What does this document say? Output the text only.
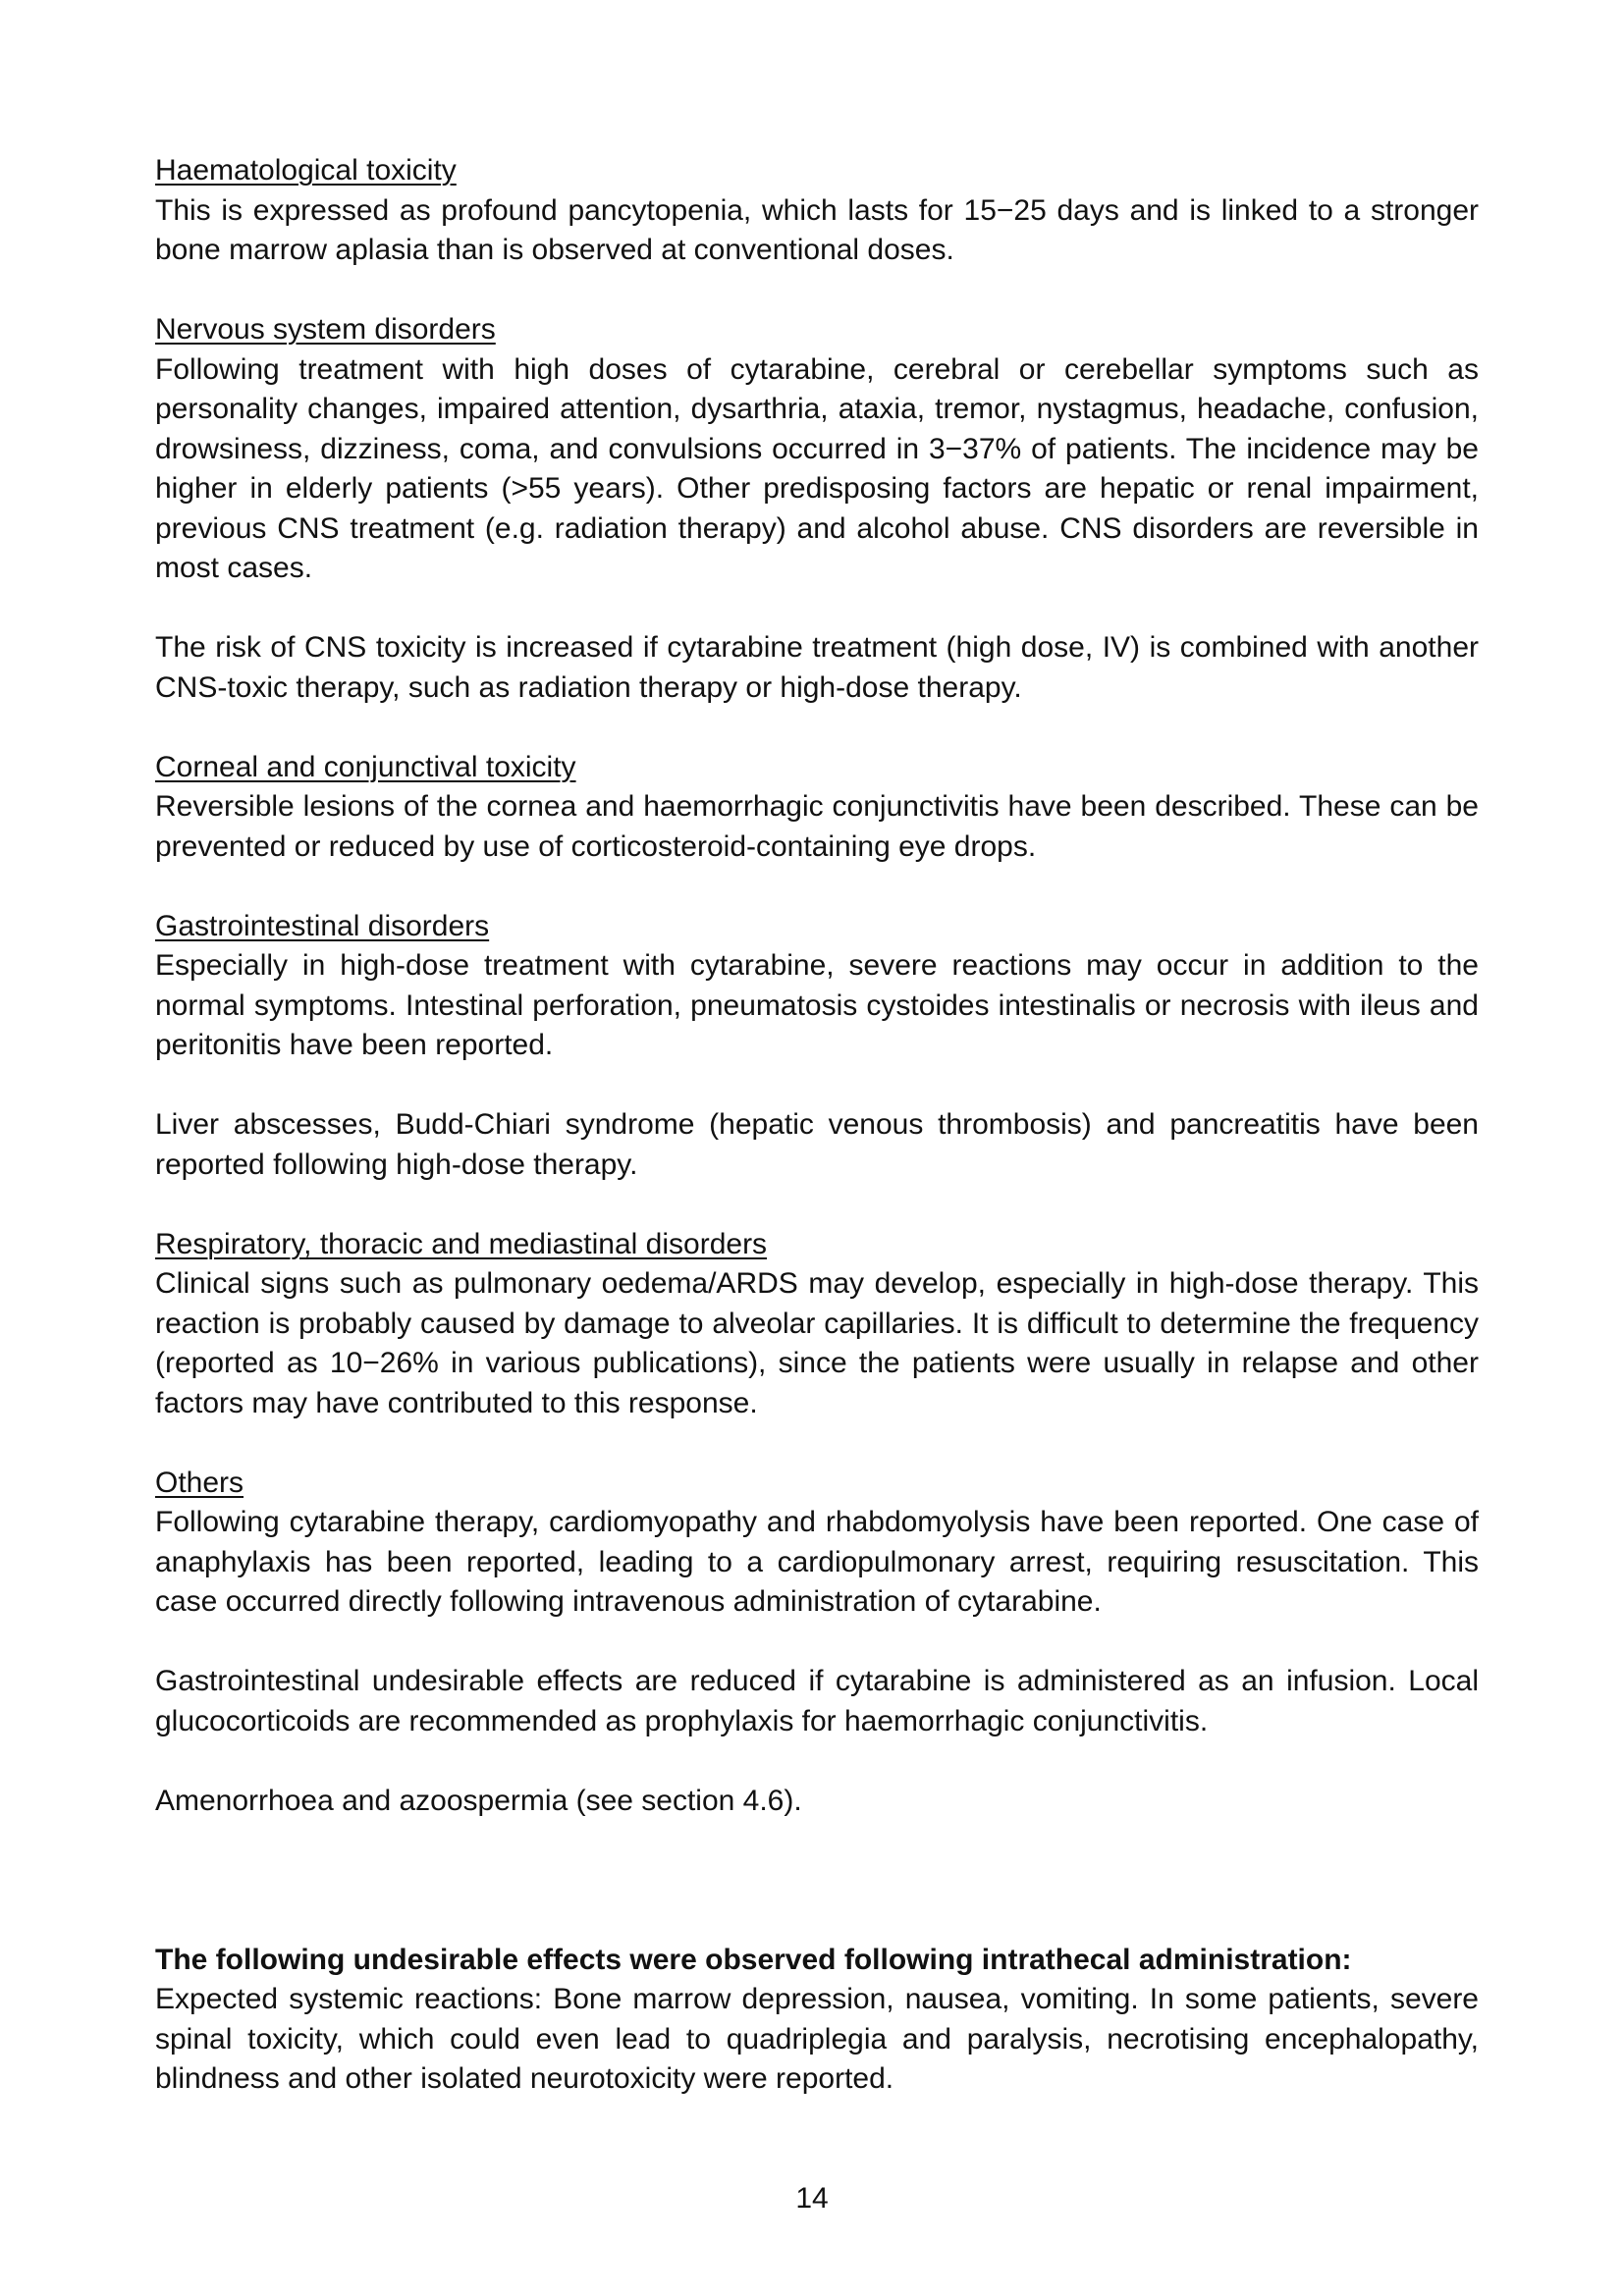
Haematological toxicity

This is expressed as profound pancytopenia, which lasts for 15−25 days and is linked to a stronger bone marrow aplasia than is observed at conventional doses.

Nervous system disorders

Following treatment with high doses of cytarabine, cerebral or cerebellar symptoms such as personality changes, impaired attention, dysarthria, ataxia, tremor, nystagmus, headache, confusion, drowsiness, dizziness, coma, and convulsions occurred in 3−37% of patients. The incidence may be higher in elderly patients (>55 years). Other predisposing factors are hepatic or renal impairment, previous CNS treatment (e.g. radiation therapy) and alcohol abuse. CNS disorders are reversible in most cases.

The risk of CNS toxicity is increased if cytarabine treatment (high dose, IV) is combined with another CNS-toxic therapy, such as radiation therapy or high-dose therapy.

Corneal and conjunctival toxicity

Reversible lesions of the cornea and haemorrhagic conjunctivitis have been described. These can be prevented or reduced by use of corticosteroid-containing eye drops.

Gastrointestinal disorders

Especially in high-dose treatment with cytarabine, severe reactions may occur in addition to the normal symptoms. Intestinal perforation, pneumatosis cystoides intestinalis or necrosis with ileus and peritonitis have been reported.

Liver abscesses, Budd-Chiari syndrome (hepatic venous thrombosis) and pancreatitis have been reported following high-dose therapy.

Respiratory, thoracic and mediastinal disorders

Clinical signs such as pulmonary oedema/ARDS may develop, especially in high-dose therapy. This reaction is probably caused by damage to alveolar capillaries. It is difficult to determine the frequency (reported as 10−26% in various publications), since the patients were usually in relapse and other factors may have contributed to this response.

Others

Following cytarabine therapy, cardiomyopathy and rhabdomyolysis have been reported. One case of anaphylaxis has been reported, leading to a cardiopulmonary arrest, requiring resuscitation. This case occurred directly following intravenous administration of cytarabine.

Gastrointestinal undesirable effects are reduced if cytarabine is administered as an infusion. Local glucocorticoids are recommended as prophylaxis for haemorrhagic conjunctivitis.

Amenorrhoea and azoospermia (see section 4.6).

The following undesirable effects were observed following intrathecal administration:

Expected systemic reactions: Bone marrow depression, nausea, vomiting. In some patients, severe spinal toxicity, which could even lead to quadriplegia and paralysis, necrotising encephalopathy, blindness and other isolated neurotoxicity were reported.

14
